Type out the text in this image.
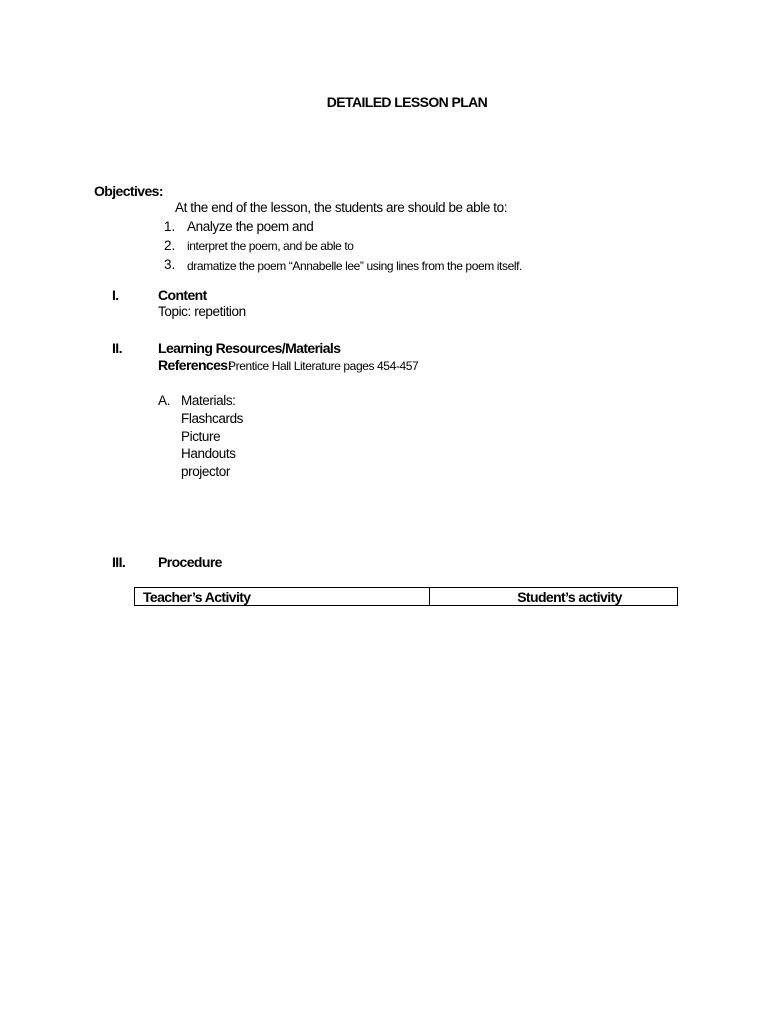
DETAILED LESSON PLAN
Objectives:
At the end of the lesson, the students are should be able to:
1. Analyze the poem and
2. interpret the poem, and be able to
3. dramatize the poem “Annabelle lee” using lines from the poem itself.
I.	Content
Topic: repetition
II.	Learning Resources/Materials
References:
Prentice Hall Literature pages 454-457
A. Materials:
Flashcards
Picture
Handouts
projector
III. Procedure
Teacher’s Activity	Student’s activity
